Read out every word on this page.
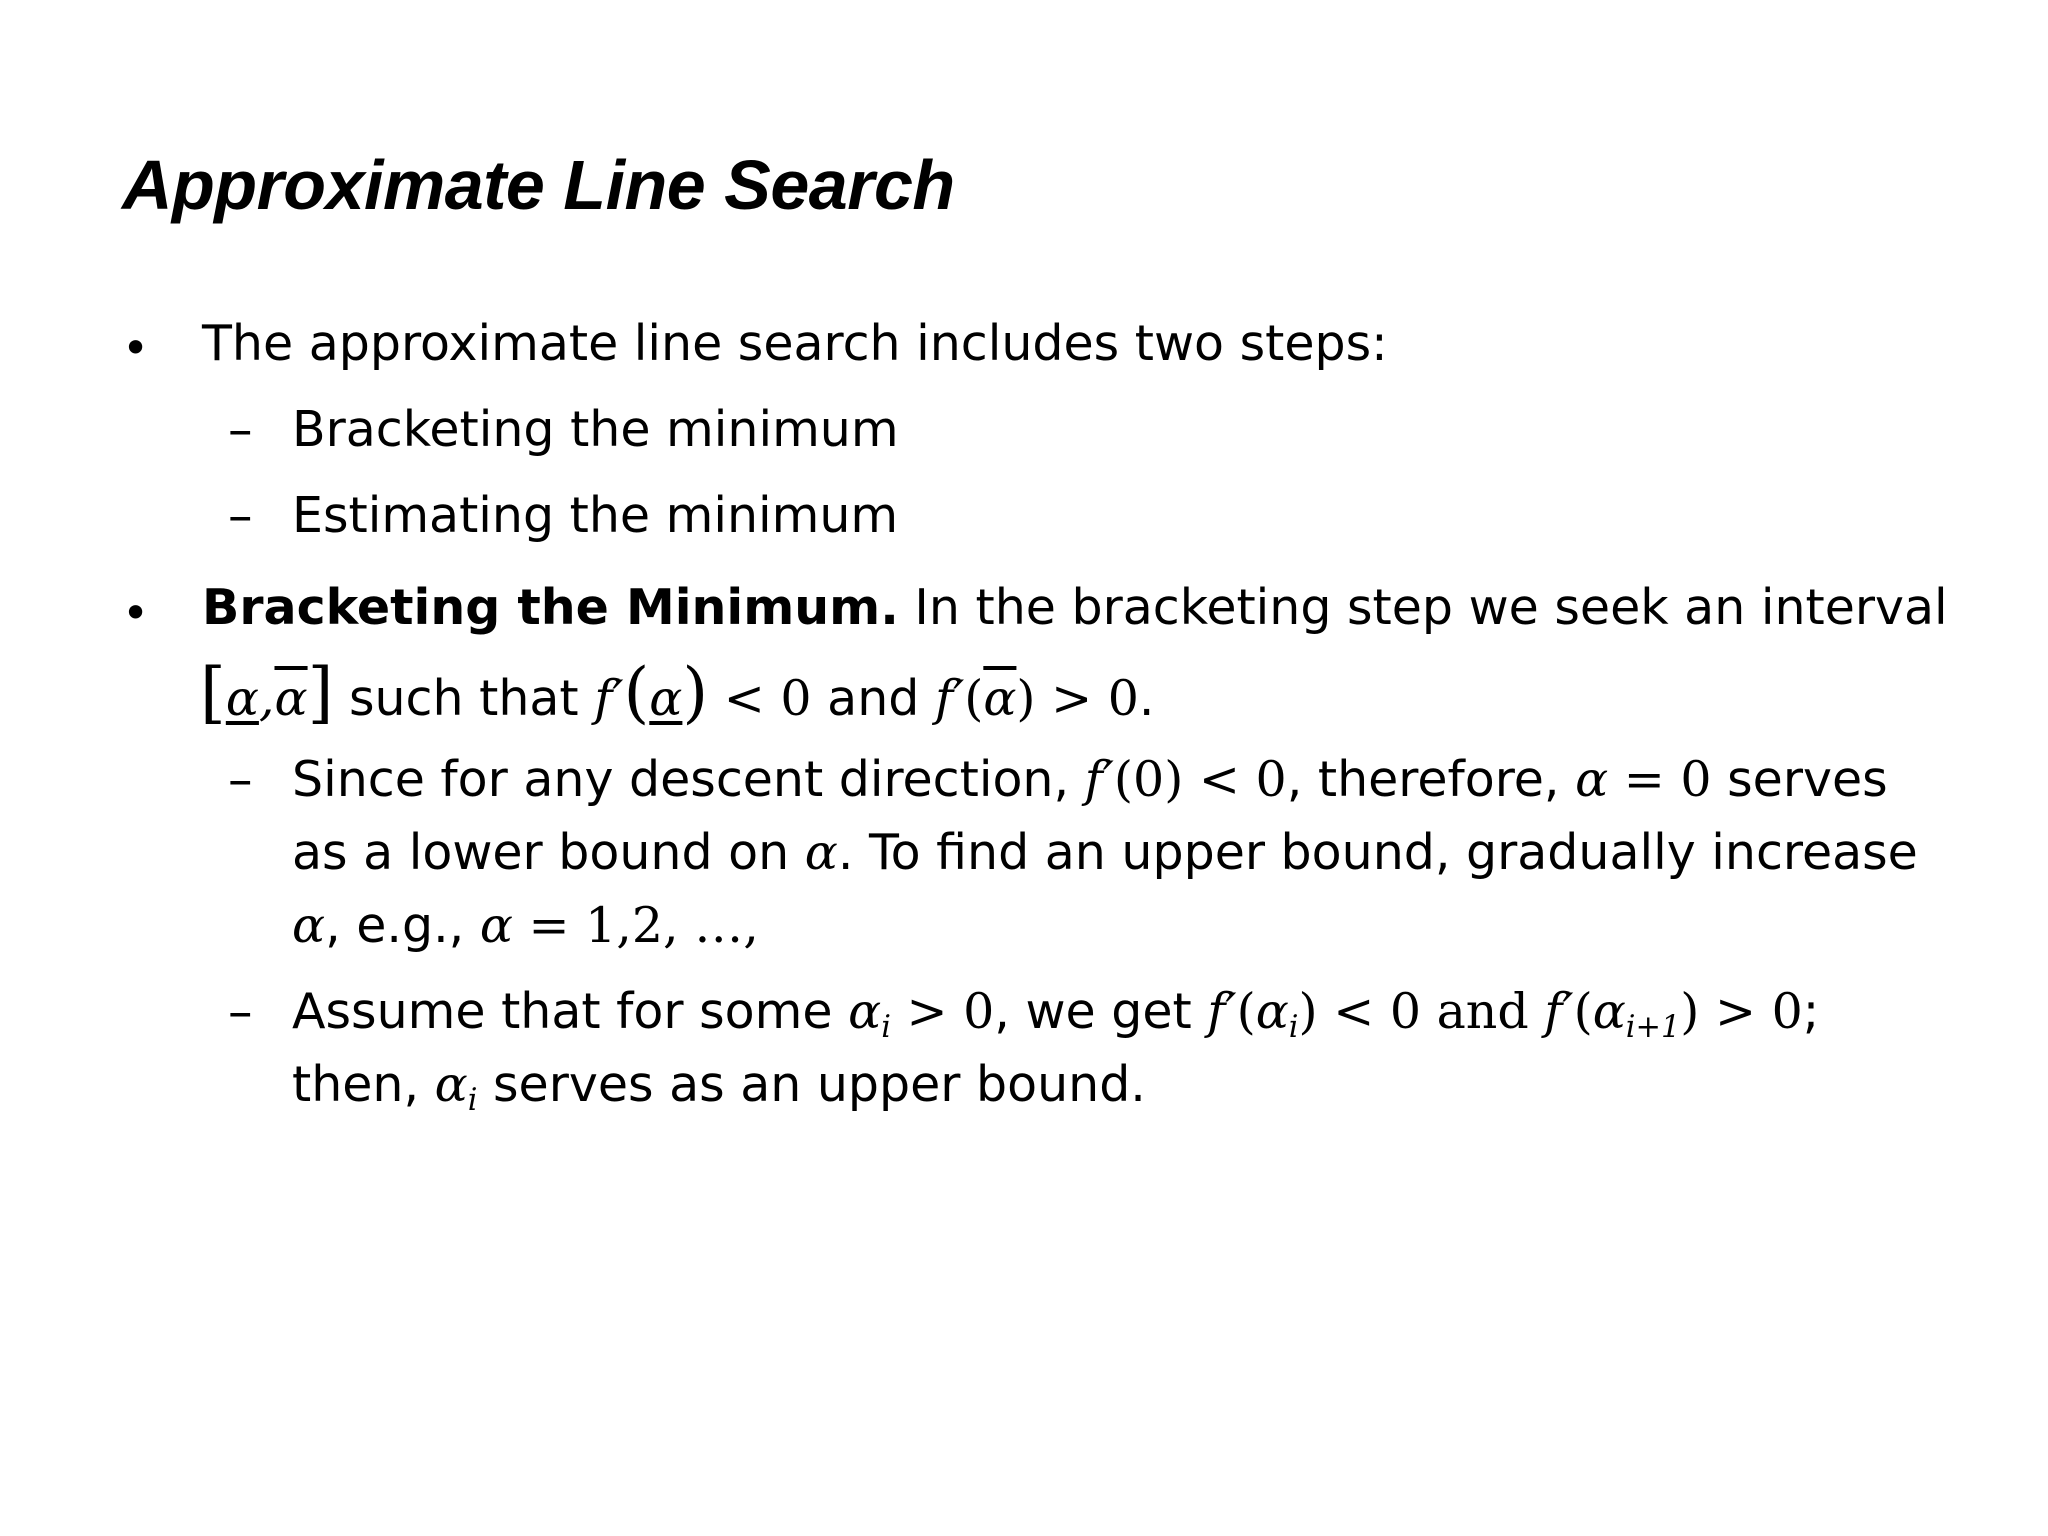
Approximate Line Search
• The approximate line search includes two steps:
– Bracketing the minimum
– Estimating the minimum
• Bracketing the Minimum. In the bracketing step we seek an interval
$[\alpha,\overline{\alpha}]$ such that f′(α) < 0 and $f'(\overline{\alpha}) > 0$.
– Since for any descent direction, f′(0) < 0, therefore, α = 0 serves
as a lower bound on α. To find an upper bound, gradually increase
α, e.g., α = 1,2, …,
– Assume that for some $\alpha_i > 0$, we get $f'(\alpha_i) < 0$ and $f'(\alpha_{i+1}) > 0$;
then, $\alpha_i$ serves as an upper bound.
